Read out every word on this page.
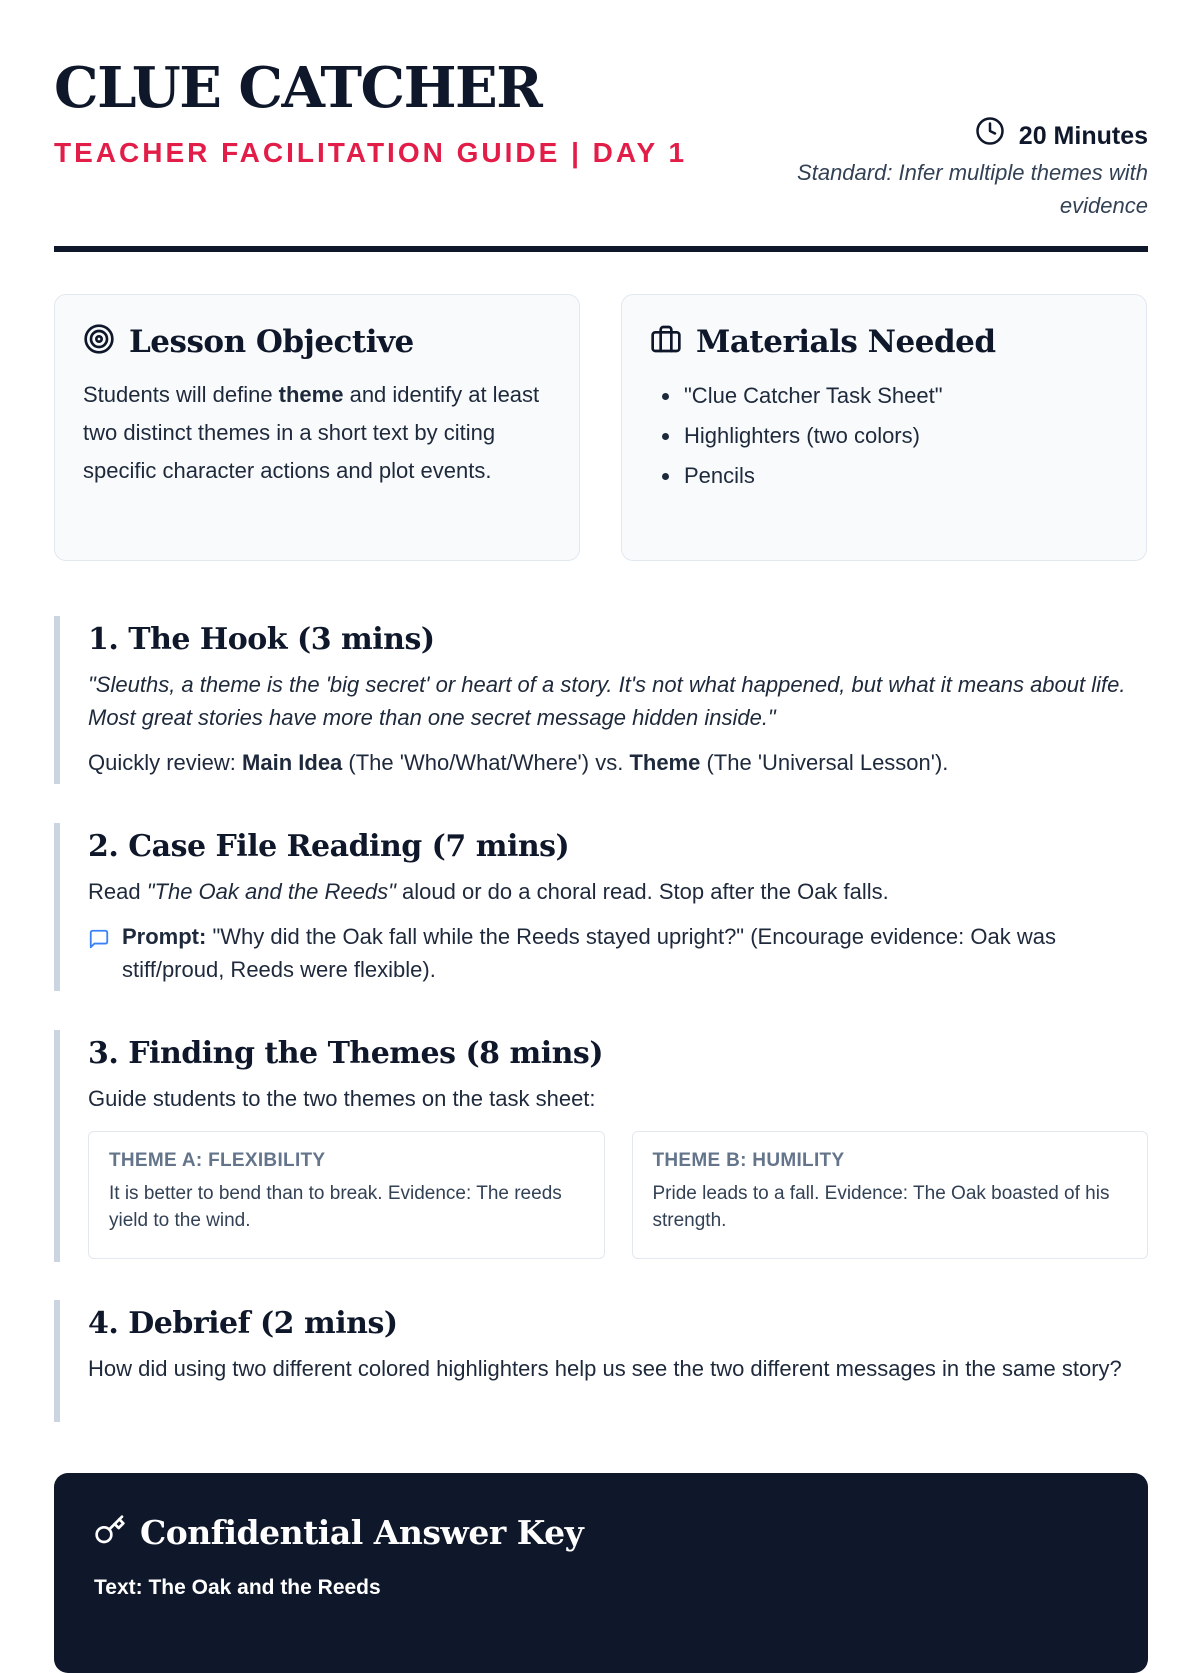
CLUE CATCHER
TEACHER FACILITATION GUIDE | DAY 1
20 Minutes
Standard: Infer multiple themes with evidence
Lesson Objective

Students will define theme and identify at least two distinct themes in a short text by citing specific character actions and plot events.

Materials Needed
• "Clue Catcher Task Sheet"
• Highlighters (two colors)
• Pencils
1. The Hook (3 mins)

"Sleuths, a theme is the 'big secret' or heart of a story. It's not what happened, but what it means about life. Most great stories have more than one secret message hidden inside."

Quickly review: Main Idea (The 'Who/What/Where') vs. Theme (The 'Universal Lesson').

2. Case File Reading (7 mins)

Read "The Oak and the Reeds" aloud or do a choral read. Stop after the Oak falls.

Prompt: "Why did the Oak fall while the Reeds stayed upright?" (Encourage evidence: Oak was stiff/proud, Reeds were flexible).

3. Finding the Themes (8 mins)

Guide students to the two themes on the task sheet:

THEME A: FLEXIBILITY
It is better to bend than to break. Evidence: The reeds yield to the wind.
THEME B: HUMILITY
Pride leads to a fall. Evidence: The Oak boasted of his strength.
4. Debrief (2 mins)

How did using two different colored highlighters help us see the two different messages in the same story?

Confidential Answer Key
Text: The Oak and the Reeds
